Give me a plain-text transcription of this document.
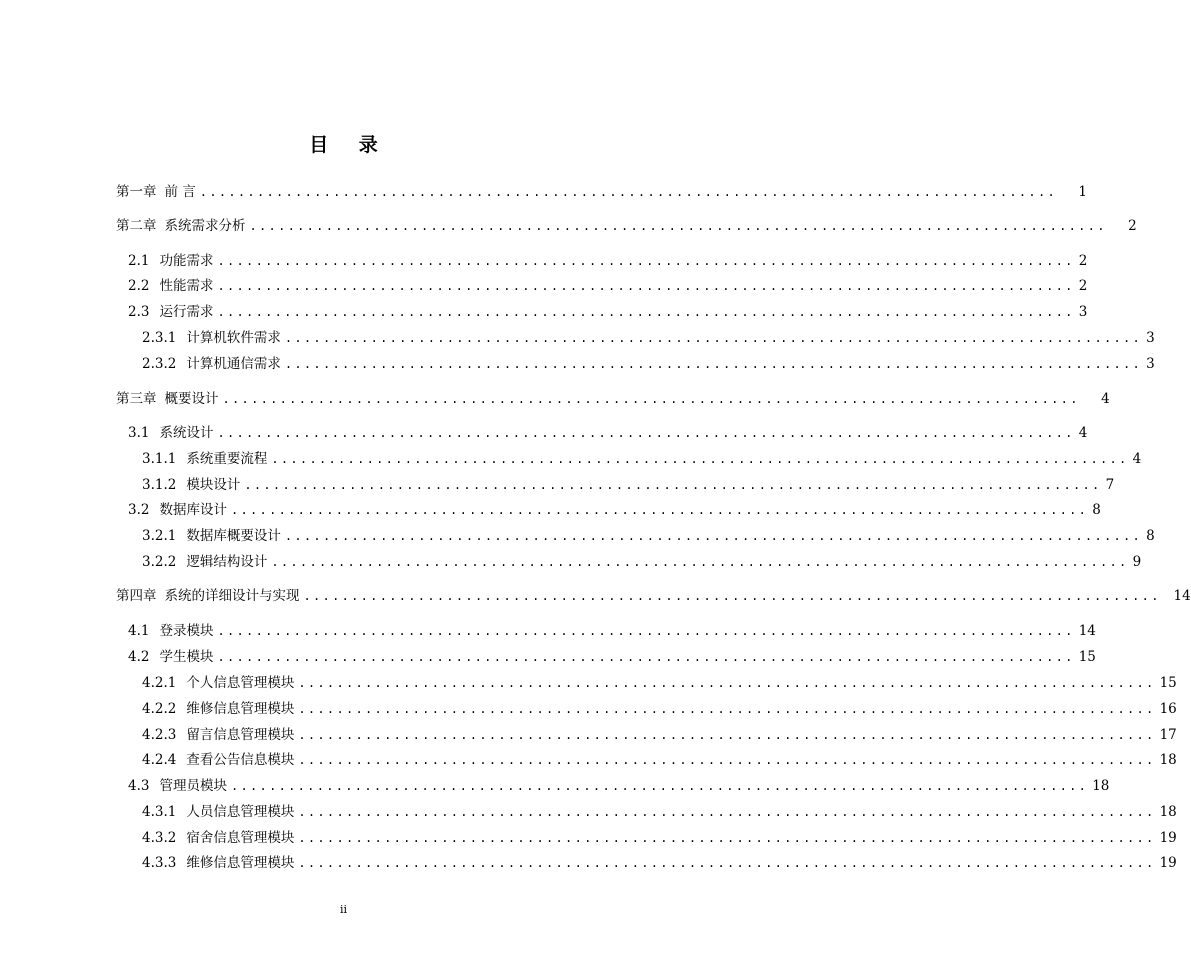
目 录
第一章 前 言 ..........................................................................................	1
第二章 系统需求分析 ..........................................................................................	2
2.1 功能需求 .......................................................................................... 2
2.2 性能需求 .......................................................................................... 2
2.3 运行需求 .......................................................................................... 3
2.3.1 计算机软件需求 .......................................................................................... 3
2.3.2 计算机通信需求 .......................................................................................... 3
第三章 概要设计 ..........................................................................................	4
3.1 系统设计 .......................................................................................... 4
3.1.1 系统重要流程 .......................................................................................... 4
3.1.2 模块设计 .......................................................................................... 7
3.2 数据库设计 .......................................................................................... 8
3.2.1 数据库概要设计 .......................................................................................... 8
3.2.2 逻辑结构设计 .......................................................................................... 9
第四章 系统的详细设计与实现 .......................................................................................... 14
4.1 登录模块 .......................................................................................... 14
4.2 学生模块 .......................................................................................... 15
4.2.1 个人信息管理模块 .......................................................................................... 15
4.2.2 维修信息管理模块 .......................................................................................... 16
4.2.3 留言信息管理模块 .......................................................................................... 17
4.2.4 查看公告信息模块 .......................................................................................... 18
4.3 管理员模块 .......................................................................................... 18
4.3.1 人员信息管理模块 .......................................................................................... 18
4.3.2 宿舍信息管理模块 .......................................................................................... 19
4.3.3 维修信息管理模块 .......................................................................................... 19
ii
